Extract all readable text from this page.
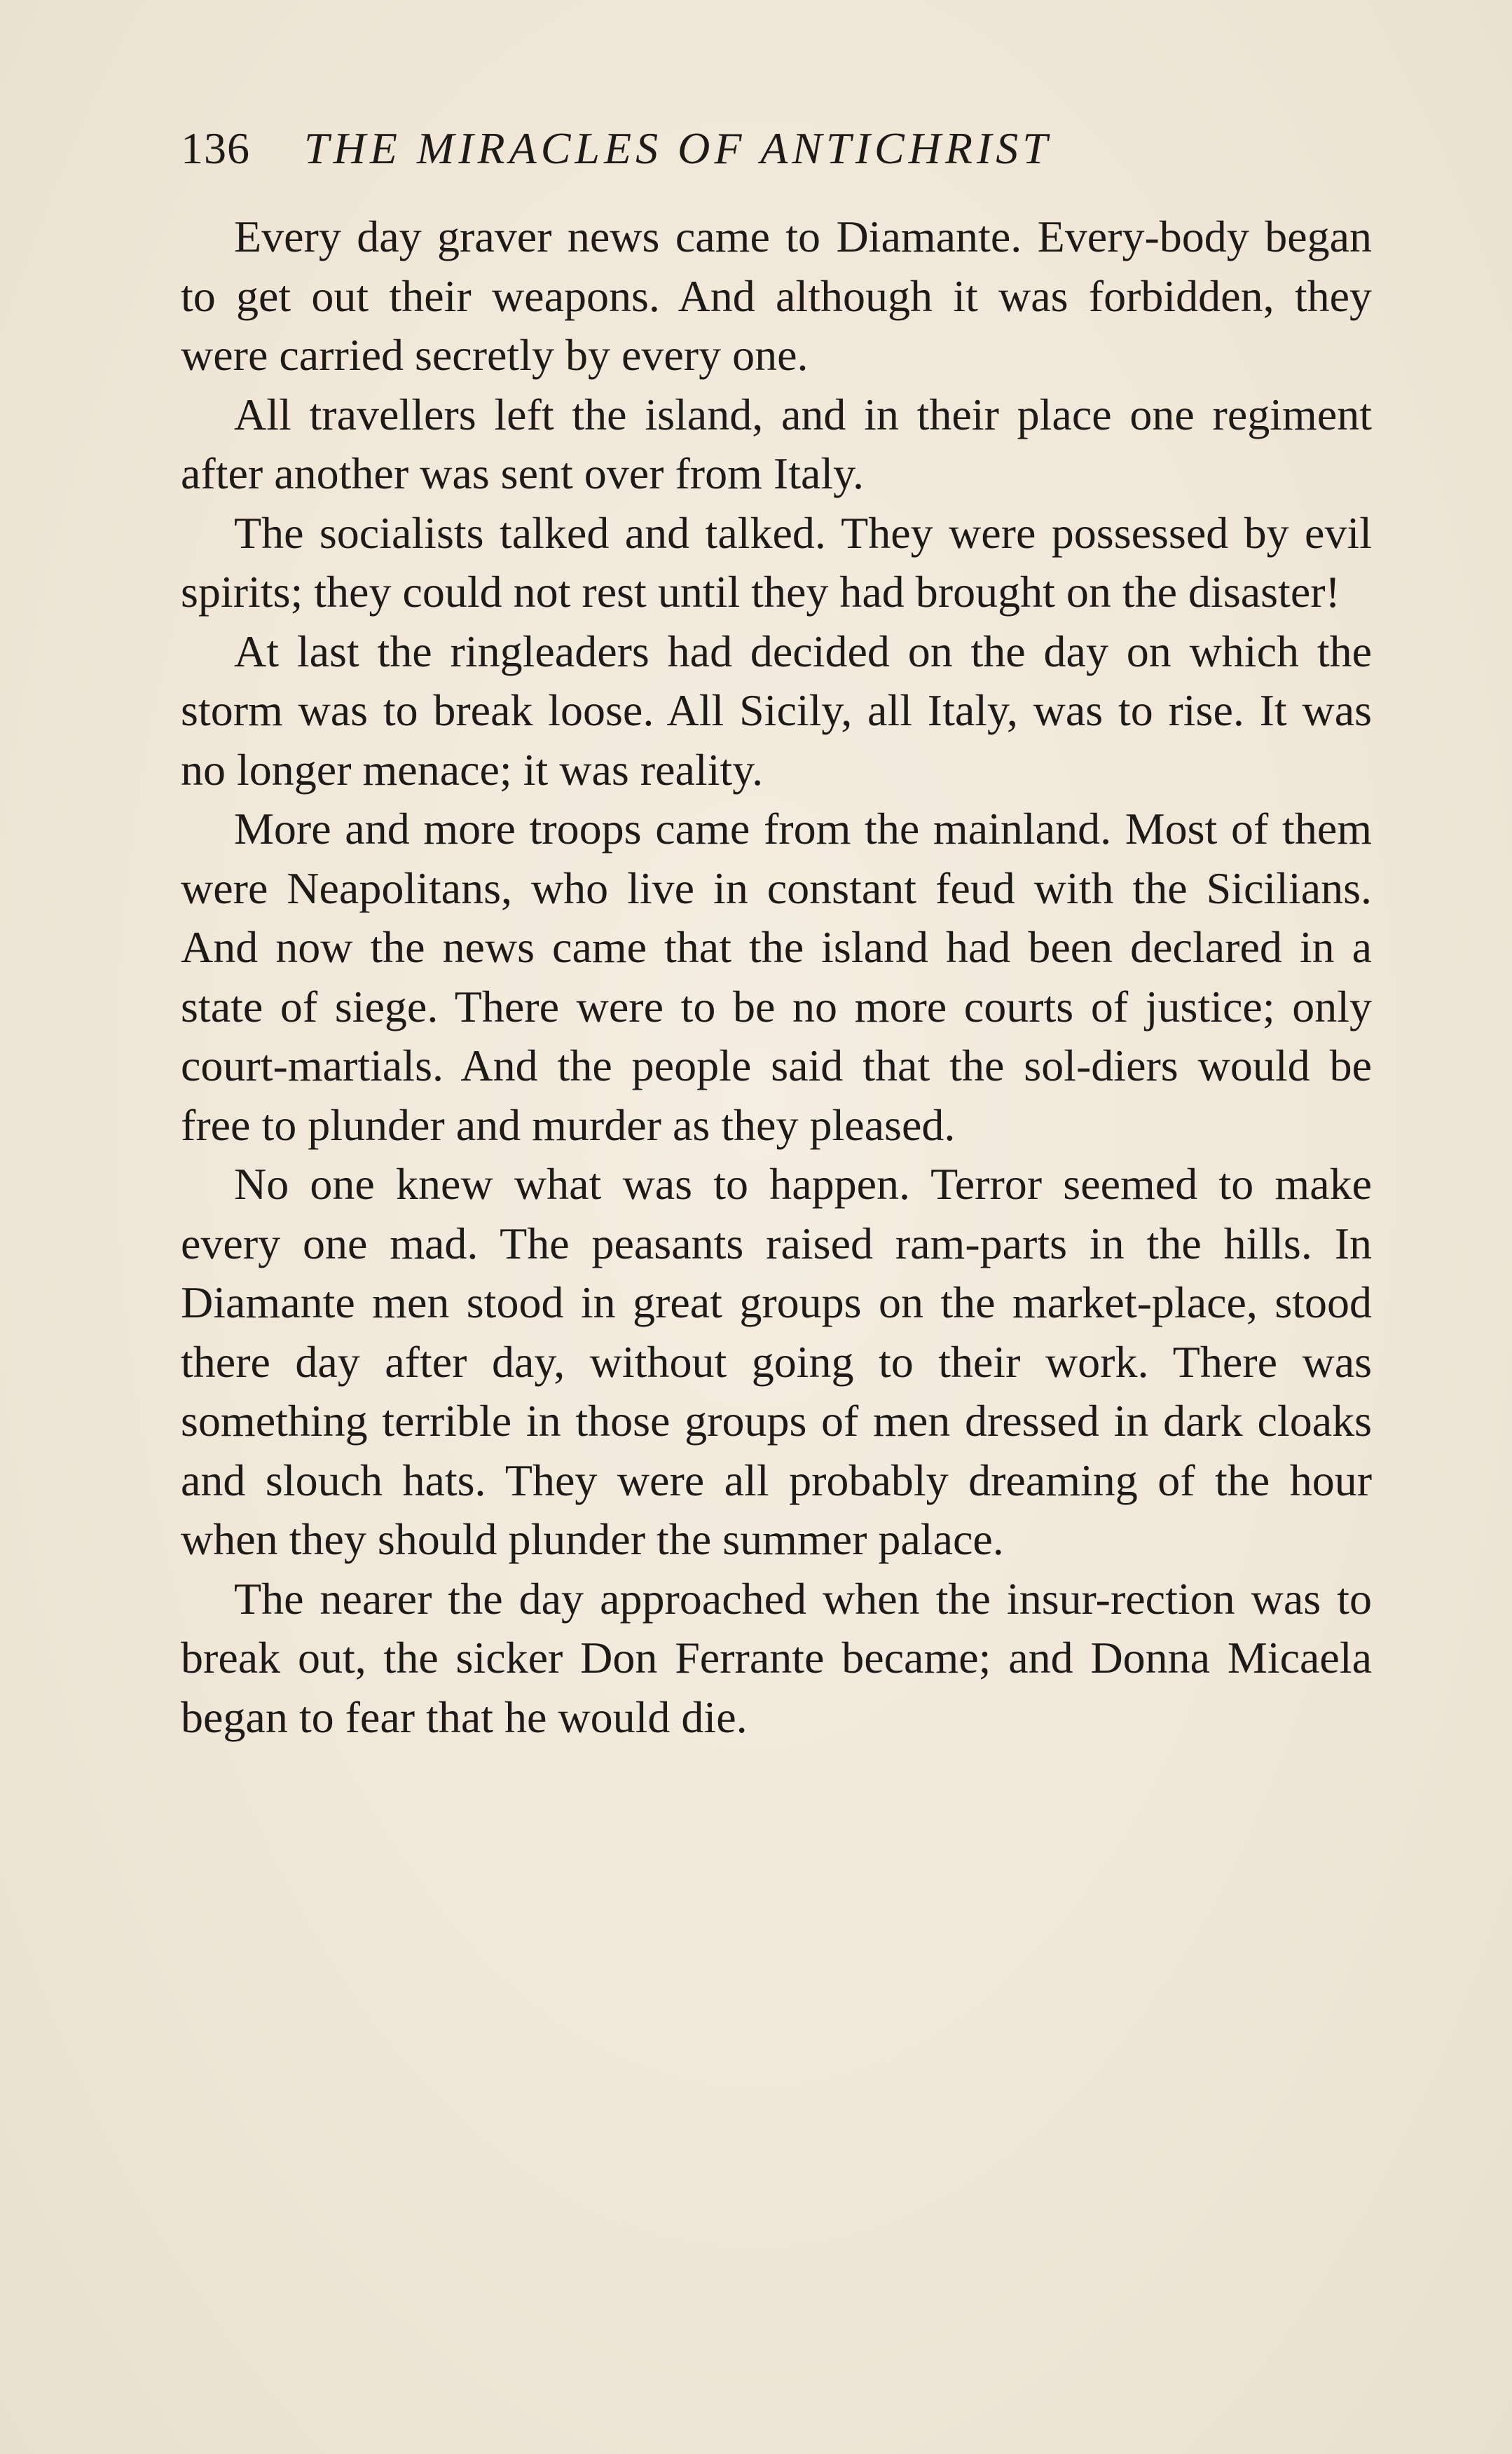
136 THE MIRACLES OF ANTICHRIST

Every day graver news came to Diamante. Every-body began to get out their weapons. And although it was forbidden, they were carried secretly by every one.

All travellers left the island, and in their place one regiment after another was sent over from Italy.

The socialists talked and talked. They were possessed by evil spirits; they could not rest until they had brought on the disaster!

At last the ringleaders had decided on the day on which the storm was to break loose. All Sicily, all Italy, was to rise. It was no longer menace; it was reality.

More and more troops came from the mainland. Most of them were Neapolitans, who live in constant feud with the Sicilians. And now the news came that the island had been declared in a state of siege. There were to be no more courts of justice; only court-martials. And the people said that the sol-diers would be free to plunder and murder as they pleased.

No one knew what was to happen. Terror seemed to make every one mad. The peasants raised ram-parts in the hills. In Diamante men stood in great groups on the market-place, stood there day after day, without going to their work. There was something terrible in those groups of men dressed in dark cloaks and slouch hats. They were all probably dreaming of the hour when they should plunder the summer palace.

The nearer the day approached when the insur-rection was to break out, the sicker Don Ferrante became; and Donna Micaela began to fear that he would die.
